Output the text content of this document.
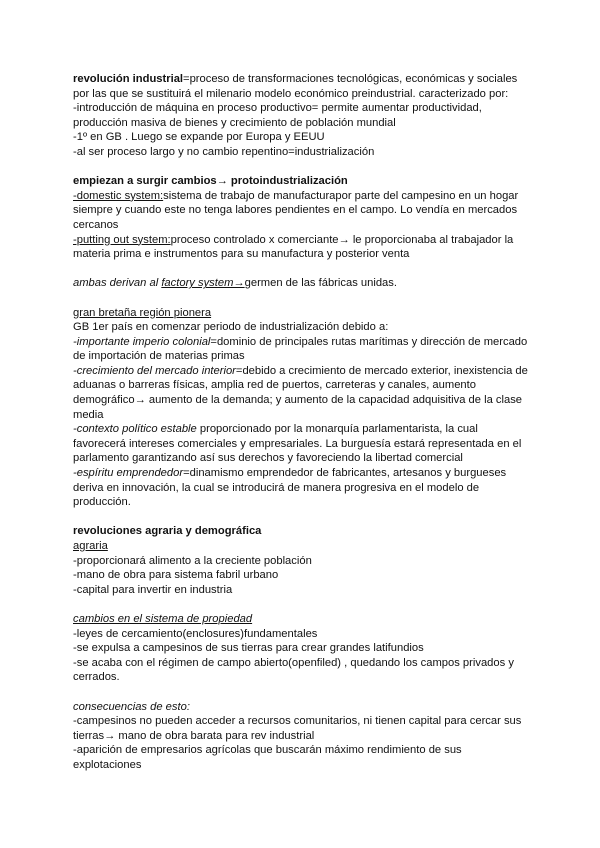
revolución industrial=proceso de transformaciones tecnológicas, económicas y sociales

por las que se sustituirá el milenario modelo económico preindustrial. caracterizado por:

-introducción de máquina en proceso productivo= permite aumentar productividad,

producción masiva de bienes y crecimiento de población mundial

-1º en GB . Luego se expande por Europa y EEUU

-al ser proceso largo y no cambio repentino=industrialización

empiezan a surgir cambios→ protoindustrialización

-domestic system:sistema de trabajo de manufacturapor parte del campesino en un hogar

siempre y cuando este no tenga labores pendientes en el campo. Lo vendía en mercados

cercanos

-putting out system:proceso controlado x comerciante→ le proporcionaba al trabajador la

materia prima e instrumentos para su manufactura y posterior venta

ambas derivan al factory system→germen de las fábricas unidas.

gran bretaña región pionera

GB 1er país en comenzar periodo de industrialización debido a:

-importante imperio colonial=dominio de principales rutas marítimas y dirección de mercado

de importación de materias primas

-crecimiento del mercado interior=debido a crecimiento de mercado exterior, inexistencia de

aduanas o barreras físicas, amplia red de puertos, carreteras y canales, aumento

demográfico→ aumento de la demanda; y aumento de la capacidad adquisitiva de la clase

media

-contexto político estable proporcionado por la monarquía parlamentarista, la cual

favorecerá intereses comerciales y empresariales. La burguesía estará representada en el

parlamento garantizando así sus derechos y favoreciendo la libertad comercial

-espíritu emprendedor=dinamismo emprendedor de fabricantes, artesanos y burgueses

deriva en innovación, la cual se introducirá de manera progresiva en el modelo de

producción.

revoluciones agraria y demográfica

agraria

-proporcionará alimento a la creciente población

-mano de obra para sistema fabril urbano

-capital para invertir en industria

cambios en el sistema de propiedad

-leyes de cercamiento(enclosures)fundamentales

-se expulsa a campesinos de sus tierras para crear grandes latifundios

-se acaba con el régimen de campo abierto(openfiled) , quedando los campos privados y

cerrados.

consecuencias de esto:

-campesinos no pueden acceder a recursos comunitarios, ni tienen capital para cercar sus

tierras→ mano de obra barata para rev industrial

-aparición de empresarios agrícolas que buscarán máximo rendimiento de sus

explotaciones
